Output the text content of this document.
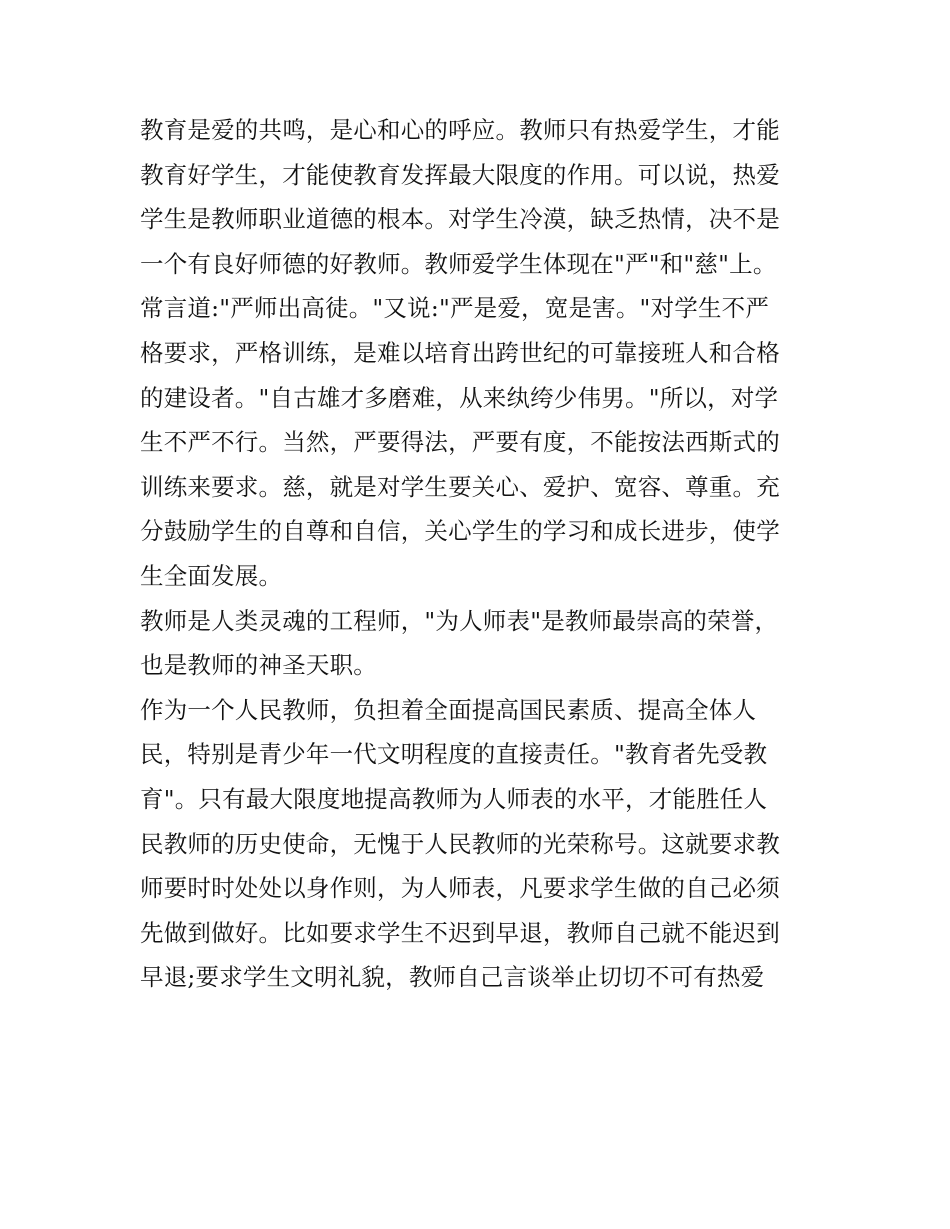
教育是爱的共鸣，是心和心的呼应。教师只有热爱学生，才能
教育好学生，才能使教育发挥最大限度的作用。可以说，热爱
学生是教师职业道德的根本。对学生冷漠，缺乏热情，决不是
一个有良好师德的好教师。教师爱学生体现在"严"和"慈"上。
常言道:"严师出高徒。"又说:"严是爱，宽是害。"对学生不严
格要求，严格训练，是难以培育出跨世纪的可靠接班人和合格
的建设者。"自古雄才多磨难，从来纨绔少伟男。"所以，对学
生不严不行。当然，严要得法，严要有度，不能按法西斯式的
训练来要求。慈，就是对学生要关心、爱护、宽容、尊重。充
分鼓励学生的自尊和自信，关心学生的学习和成长进步，使学
生全面发展。
教师是人类灵魂的工程师，"为人师表"是教师最崇高的荣誉，
也是教师的神圣天职。
作为一个人民教师，负担着全面提高国民素质、提高全体人
民，特别是青少年一代文明程度的直接责任。"教育者先受教
育"。只有最大限度地提高教师为人师表的水平，才能胜任人
民教师的历史使命，无愧于人民教师的光荣称号。这就要求教
师要时时处处以身作则，为人师表，凡要求学生做的自己必须
先做到做好。比如要求学生不迟到早退，教师自己就不能迟到
早退;要求学生文明礼貌，教师自己言谈举止切切不可有热爱
